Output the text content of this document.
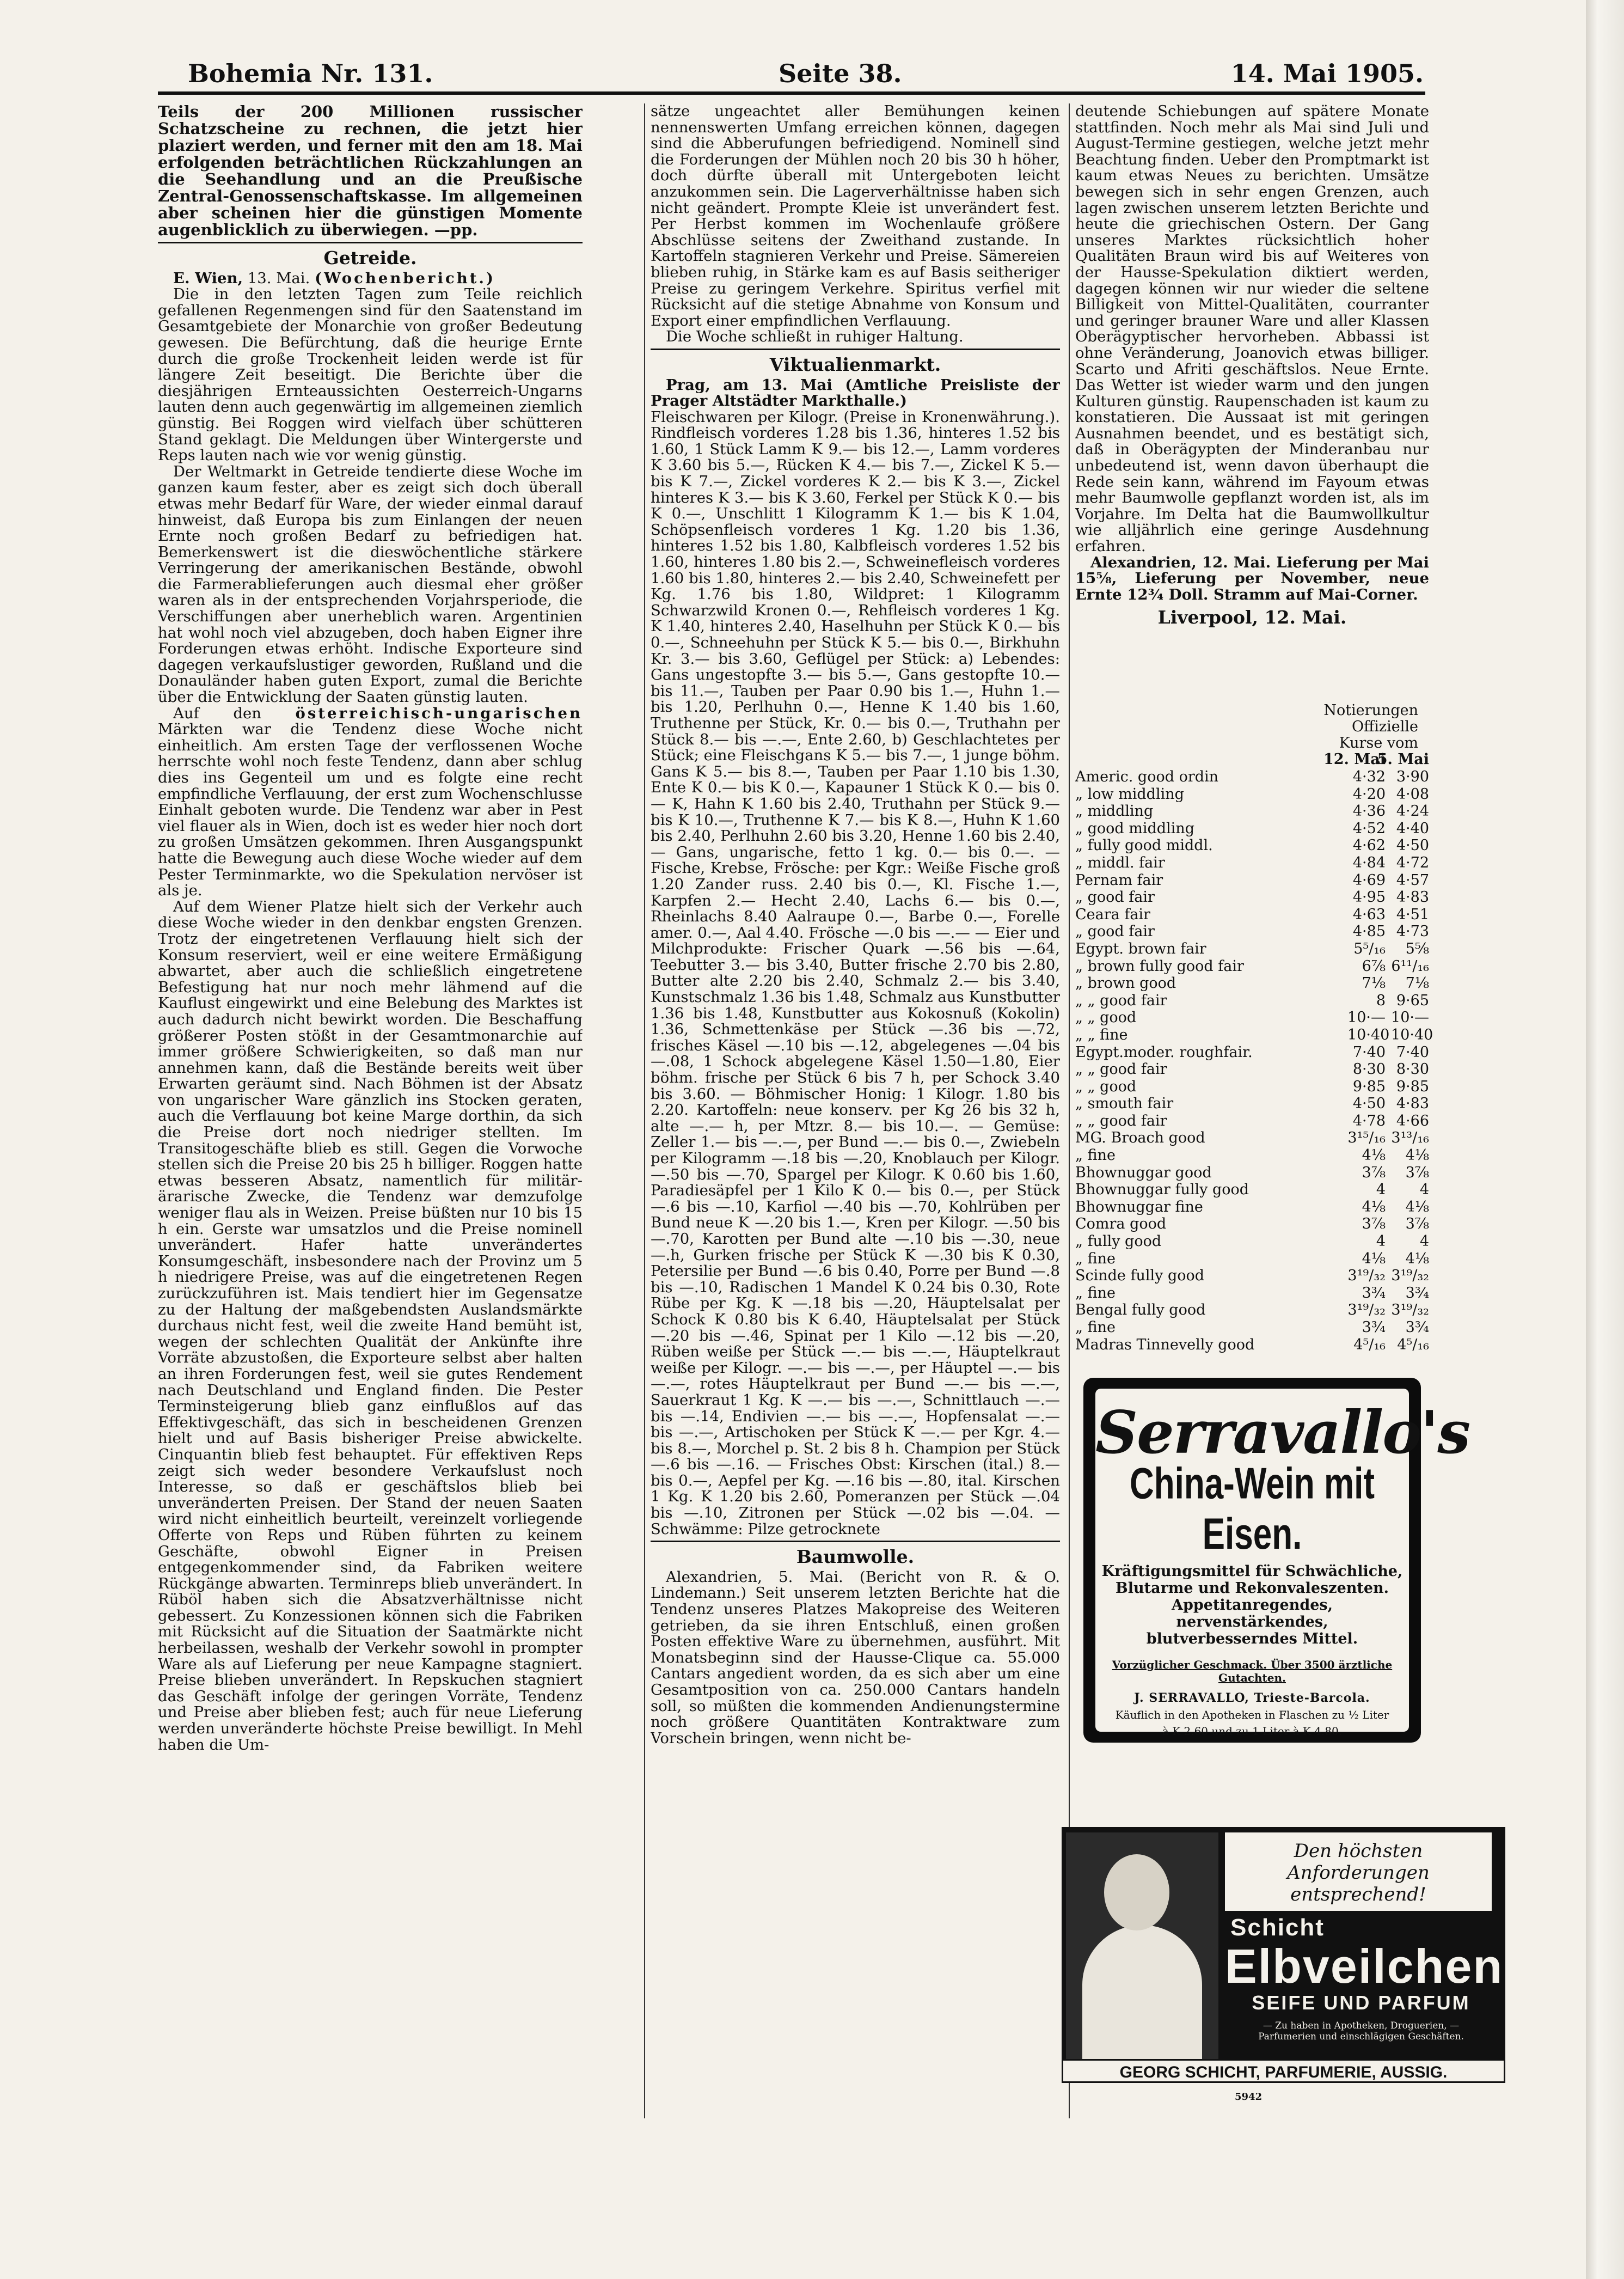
Bohemia Nr. 131.	Seite 38.	14. Mai 1905.

Teils der 200 Millionen russischer Schatzscheine zu rechnen, die jetzt hier plaziert werden, und ferner mit den am 18. Mai erfolgenden beträchtlichen Rückzahlungen an die Seehandlung und an die Preußische Zentral-Genossenschaftskasse. Im allgemeinen aber scheinen hier die günstigen Momente augenblicklich zu überwiegen. —pp.

Getreide.

E. Wien, 13. Mai. (Wochenbericht.)

Die in den letzten Tagen zum Teile reichlich gefallenen Regenmengen sind für den Saatenstand im Gesamtgebiete der Monarchie von großer Bedeutung gewesen. Die Befürchtung, daß die heurige Ernte durch die große Trockenheit leiden werde ist für längere Zeit beseitigt. Die Berichte über die diesjährigen Ernteaussichten Oesterreich-Ungarns lauten denn auch gegenwärtig im allgemeinen ziemlich günstig. Bei Roggen wird vielfach über schütteren Stand geklagt. Die Meldungen über Wintergerste und Reps lauten nach wie vor wenig günstig.

Der Weltmarkt in Getreide tendierte diese Woche im ganzen kaum fester, aber es zeigt sich doch überall etwas mehr Bedarf für Ware, der wieder einmal darauf hinweist, daß Europa bis zum Einlangen der neuen Ernte noch großen Bedarf zu befriedigen hat. Bemerkenswert ist die dieswöchentliche stärkere Verringerung der amerikanischen Bestände, obwohl die Farmerablieferungen auch diesmal eher größer waren als in der entsprechenden Vorjahrsperiode, die Verschiffungen aber unerheblich waren. Argentinien hat wohl noch viel abzugeben, doch haben Eigner ihre Forderungen etwas erhöht. Indische Exporteure sind dagegen verkaufslustiger geworden, Rußland und die Donauländer haben guten Export, zumal die Berichte über die Entwicklung der Saaten günstig lauten.

Auf den österreichisch-ungarischen Märkten war die Tendenz diese Woche nicht einheitlich. Am ersten Tage der verflossenen Woche herrschte wohl noch feste Tendenz, dann aber schlug dies ins Gegenteil um und es folgte eine recht empfindliche Verflauung, der erst zum Wochenschlusse Einhalt geboten wurde. Die Tendenz war aber in Pest viel flauer als in Wien, doch ist es weder hier noch dort zu großen Umsätzen gekommen. Ihren Ausgangspunkt hatte die Bewegung auch diese Woche wieder auf dem Pester Terminmarkte, wo die Spekulation nervöser ist als je.

Auf dem Wiener Platze hielt sich der Verkehr auch diese Woche wieder in den denkbar engsten Grenzen. Trotz der eingetretenen Verflauung hielt sich der Konsum reserviert, weil er eine weitere Ermäßigung abwartet, aber auch die schließlich eingetretene Befestigung hat nur noch mehr lähmend auf die Kauflust eingewirkt und eine Belebung des Marktes ist auch dadurch nicht bewirkt worden. Die Beschaffung größerer Posten stößt in der Gesamtmonarchie auf immer größere Schwierigkeiten, so daß man nur annehmen kann, daß die Bestände bereits weit über Erwarten geräumt sind. Nach Böhmen ist der Absatz von ungarischer Ware gänzlich ins Stocken geraten, auch die Verflauung bot keine Marge dorthin, da sich die Preise dort noch niedriger stellten. Im Transitogeschäfte blieb es still. Gegen die Vorwoche stellen sich die Preise 20 bis 25 h billiger. Roggen hatte etwas besseren Absatz, namentlich für militär-ärarische Zwecke, die Tendenz war demzufolge weniger flau als in Weizen. Preise büßten nur 10 bis 15 h ein. Gerste war umsatzlos und die Preise nominell unverändert. Hafer hatte unverändertes Konsumgeschäft, insbesondere nach der Provinz um 5 h niedrigere Preise, was auf die eingetretenen Regen zurückzuführen ist. Mais tendiert hier im Gegensatze zu der Haltung der maßgebendsten Auslandsmärkte durchaus nicht fest, weil die zweite Hand bemüht ist, wegen der schlechten Qualität der Ankünfte ihre Vorräte abzustoßen, die Exporteure selbst aber halten an ihren Forderungen fest, weil sie gutes Rendement nach Deutschland und England finden. Die Pester Terminsteigerung blieb ganz einflußlos auf das Effektivgeschäft, das sich in bescheidenen Grenzen hielt und auf Basis bisheriger Preise abwickelte. Cinquantin blieb fest behauptet. Für effektiven Reps zeigt sich weder besondere Verkaufslust noch Interesse, so daß er geschäftslos blieb bei unveränderten Preisen. Der Stand der neuen Saaten wird nicht einheitlich beurteilt, vereinzelt vorliegende Offerte von Reps und Rüben führten zu keinem Geschäfte, obwohl Eigner in Preisen entgegenkommender sind, da Fabriken weitere Rückgänge abwarten. Terminreps blieb unverändert. In Rüböl haben sich die Absatzverhältnisse nicht gebessert. Zu Konzessionen können sich die Fabriken mit Rücksicht auf die Situation der Saatmärkte nicht herbeilassen, weshalb der Verkehr sowohl in prompter Ware als auf Lieferung per neue Kampagne stagniert. Preise blieben unverändert. In Repskuchen stagniert das Geschäft infolge der geringen Vorräte, Tendenz und Preise aber blieben fest; auch für neue Lieferung werden unveränderte höchste Preise bewilligt. In Mehl haben die Um-

sätze ungeachtet aller Bemühungen keinen nennenswerten Umfang erreichen können, dagegen sind die Abberufungen befriedigend. Nominell sind die Forderungen der Mühlen noch 20 bis 30 h höher, doch dürfte überall mit Untergeboten leicht anzukommen sein. Die Lagerverhältnisse haben sich nicht geändert. Prompte Kleie ist unverändert fest. Per Herbst kommen im Wochenlaufe größere Abschlüsse seitens der Zweithand zustande. In Kartoffeln stagnieren Verkehr und Preise. Sämereien blieben ruhig, in Stärke kam es auf Basis seitheriger Preise zu geringem Verkehre. Spiritus verfiel mit Rücksicht auf die stetige Abnahme von Konsum und Export einer empfindlichen Verflauung.

Die Woche schließt in ruhiger Haltung.

Viktualienmarkt.

Prag, am 13. Mai (Amtliche Preisliste der Prager Altstädter Markthalle.)

Fleischwaren per Kilogr. (Preise in Kronenwährung.). Rindfleisch vorderes 1.28 bis 1.36, hinteres 1.52 bis 1.60, 1 Stück Lamm K 9.— bis 12.—, Lamm vorderes K 3.60 bis 5.—, Rücken K 4.— bis 7.—, Zickel K 5.— bis K 7.—, Zickel vorderes K 2.— bis K 3.—, Zickel hinteres K 3.— bis K 3.60, Ferkel per Stück K 0.— bis K 0.—, Unschlitt 1 Kilogramm K 1.— bis K 1.04, Schöpsenfleisch vorderes 1 Kg. 1.20 bis 1.36, hinteres 1.52 bis 1.80, Kalbfleisch vorderes 1.52 bis 1.60, hinteres 1.80 bis 2.—, Schweinefleisch vorderes 1.60 bis 1.80, hinteres 2.— bis 2.40, Schweinefett per Kg. 1.76 bis 1.80, Wildpret: 1 Kilogramm Schwarzwild Kronen 0.—, Rehfleisch vorderes 1 Kg. K 1.40, hinteres 2.40, Haselhuhn per Stück K 0.— bis 0.—, Schneehuhn per Stück K 5.— bis 0.—, Birkhuhn Kr. 3.— bis 3.60, Geflügel per Stück: a) Lebendes: Gans ungestopfte 3.— bis 5.—, Gans gestopfte 10.— bis 11.—, Tauben per Paar 0.90 bis 1.—, Huhn 1.— bis 1.20, Perlhuhn 0.—, Henne K 1.40 bis 1.60, Truthenne per Stück, Kr. 0.— bis 0.—, Truthahn per Stück 8.— bis —.—, Ente 2.60, b) Geschlachtetes per Stück; eine Fleischgans K 5.— bis 7.—, 1 junge böhm. Gans K 5.— bis 8.—, Tauben per Paar 1.10 bis 1.30, Ente K 0.— bis K 0.—, Kapauner 1 Stück K 0.— bis 0.— K, Hahn K 1.60 bis 2.40, Truthahn per Stück 9.— bis K 10.—, Truthenne K 7.— bis K 8.—, Huhn K 1.60 bis 2.40, Perlhuhn 2.60 bis 3.20, Henne 1.60 bis 2.40, — Gans, ungarische, fetto 1 kg. 0.— bis 0.—. — Fische, Krebse, Frösche: per Kgr.: Weiße Fische groß 1.20 Zander russ. 2.40 bis 0.—, Kl. Fische 1.—, Karpfen 2.— Hecht 2.40, Lachs 6.— bis 0.—, Rheinlachs 8.40 Aalraupe 0.—, Barbe 0.—, Forelle amer. 0.—, Aal 4.40. Frösche —.0 bis —.— — Eier und Milchprodukte: Frischer Quark —.56 bis —.64, Teebutter 3.— bis 3.40, Butter frische 2.70 bis 2.80, Butter alte 2.20 bis 2.40, Schmalz 2.— bis 3.40, Kunstschmalz 1.36 bis 1.48, Schmalz aus Kunstbutter 1.36 bis 1.48, Kunstbutter aus Kokosnuß (Kokolin) 1.36, Schmettenkäse per Stück —.36 bis —.72, frisches Käsel —.10 bis —.12, abgelegenes —.04 bis —.08, 1 Schock abgelegene Käsel 1.50—1.80, Eier böhm. frische per Stück 6 bis 7 h, per Schock 3.40 bis 3.60. — Böhmischer Honig: 1 Kilogr. 1.80 bis 2.20. Kartoffeln: neue konserv. per Kg 26 bis 32 h, alte —.— h, per Mtzr. 8.— bis 10.—. — Gemüse: Zeller 1.— bis —.—, per Bund —.— bis 0.—, Zwiebeln per Kilogramm —.18 bis —.20, Knoblauch per Kilogr. —.50 bis —.70, Spargel per Kilogr. K 0.60 bis 1.60, Paradiesäpfel per 1 Kilo K 0.— bis 0.—, per Stück —.6 bis —.10, Karfiol —.40 bis —.70, Kohlrüben per Bund neue K —.20 bis 1.—, Kren per Kilogr. —.50 bis —.70, Karotten per Bund alte —.10 bis —.30, neue —.h, Gurken frische per Stück K —.30 bis K 0.30, Petersilie per Bund —.6 bis 0.40, Porre per Bund —.8 bis —.10, Radischen 1 Mandel K 0.24 bis 0.30, Rote Rübe per Kg. K —.18 bis —.20, Häuptelsalat per Schock K 0.80 bis K 6.40, Häuptelsalat per Stück —.20 bis —.46, Spinat per 1 Kilo —.12 bis —.20, Rüben weiße per Stück —.— bis —.—, Häuptelkraut weiße per Kilogr. —.— bis —.—, per Häuptel —.— bis —.—, rotes Häuptelkraut per Bund —.— bis —.—, Sauerkraut 1 Kg. K —.— bis —.—, Schnittlauch —.— bis —.14, Endivien —.— bis —.—, Hopfensalat —.— bis —.—, Artischoken per Stück K —.— per Kgr. 4.— bis 8.—, Morchel p. St. 2 bis 8 h. Champion per Stück —.6 bis —.16. — Frisches Obst: Kirschen (ital.) 8.— bis 0.—, Aepfel per Kg. —.16 bis —.80, ital. Kirschen 1 Kg. K 1.20 bis 2.60, Pomeranzen per Stück —.04 bis —.10, Zitronen per Stück —.02 bis —.04. — Schwämme: Pilze getrocknete

Baumwolle.

Alexandrien, 5. Mai. (Bericht von R. & O. Lindemann.) Seit unserem letzten Berichte hat die Tendenz unseres Platzes Makopreise des Weiteren getrieben, da sie ihren Entschluß, einen großen Posten effektive Ware zu übernehmen, ausführt. Mit Monatsbeginn sind der Hausse-Clique ca. 55.000 Cantars angedient worden, da es sich aber um eine Gesamtposition von ca. 250.000 Cantars handeln soll, so müßten die kommenden Andienungstermine noch größere Quantitäten Kontraktware zum Vorschein bringen, wenn nicht be-

deutende Schiebungen auf spätere Monate stattfinden. Noch mehr als Mai sind Juli und August-Termine gestiegen, welche jetzt mehr Beachtung finden. Ueber den Promptmarkt ist kaum etwas Neues zu berichten. Umsätze bewegen sich in sehr engen Grenzen, auch lagen zwischen unserem letzten Berichte und heute die griechischen Ostern. Der Gang unseres Marktes rücksichtlich hoher Qualitäten Braun wird bis auf Weiteres von der Hausse-Spekulation diktiert werden, dagegen können wir nur wieder die seltene Billigkeit von Mittel-Qualitäten, courranter und geringer brauner Ware und aller Klassen Oberägyptischer hervorheben. Abbassi ist ohne Veränderung, Joanovich etwas billiger. Scarto und Afriti geschäftslos. Neue Ernte. Das Wetter ist wieder warm und den jungen Kulturen günstig. Raupenschaden ist kaum zu konstatieren. Die Aussaat ist mit geringen Ausnahmen beendet, und es bestätigt sich, daß in Oberägypten der Minderanbau nur unbedeutend ist, wenn davon überhaupt die Rede sein kann, während im Fayoum etwas mehr Baumwolle gepflanzt worden ist, als im Vorjahre. Im Delta hat die Baumwollkultur wie alljährlich eine geringe Ausdehnung erfahren.

Alexandrien, 12. Mai. Lieferung per Mai 15⅝, Lieferung per November, neue Ernte 12¾ Doll. Stramm auf Mai-Corner.

Liverpool, 12. Mai.
Notierungen
Offizielle
Kurse vom
12. Mai
5. Mai
Americ. good ordin	4·32 3·90
„ low middling	4·20 4·08
„ middling	4·36 4·24
„ good middling	4·52 4·40
„ fully good middl.	4·62 4·50
„ middl. fair	4·84 4·72
Pernam fair	4·69 4·57
„ good fair	4·95 4·83
Ceara fair	4·63 4·51
„ good fair	4·85 4·73
Egypt. brown fair	5⁵/₁₆	5⅝
„ brown fully good fair	6⅞ 6¹¹/₁₆
„ brown good	7⅛	7⅛
„ „ good fair	8 9·65
„ „ good	10·— 10·—
„ „ fine	10·40 10·40
Egypt.moder. roughfair.	7·40 7·40
„ „ good fair	8·30 8·30
„ „ good	9·85 9·85
„ smouth fair	4·50 4·83
„ „ good fair	4·78 4·66
MG. Broach good	3¹⁵/₁₆ 3¹³/₁₆
„ fine	4⅛	4⅛
Bhownuggar good	3⅞	3⅞
Bhownuggar fully good	4	4
Bhownuggar fine	4⅛	4⅛
Comra good	3⅞	3⅞
„ fully good	4	4
„ fine	4⅛	4⅛
Scinde fully good	3¹⁹/₃₂ 3¹⁹/₃₂
„ fine	3¾	3¾
Bengal fully good	3¹⁹/₃₂ 3¹⁹/₃₂
„ fine	3¾	3¾
Madras Tinnevelly good	4⁵/₁₆ 4⁵/₁₆
Serravallo's
China-Wein mit Eisen.
Kräftigungsmittel für Schwächliche,
Blutarme und Rekonvaleszenten.
Appetitanregendes, nervenstärkendes,
blutverbesserndes Mittel.
Vorzüglicher Geschmack. Über 3500 ärztliche Gutachten.
J. SERRAVALLO, Trieste-Barcola.
Käuflich in den Apotheken in Flaschen zu ½ Liter
à K 2.60 und zu 1 Liter à K 4.80.
Den höchsten Anforderungen
entsprechend!
Schicht
Elbveilchen
SEIFE UND PARFUM
— Zu haben in Apotheken, Droguerien, —
Parfumerien und einschlägigen Geschäften.
GEORG SCHICHT, PARFUMERIE, AUSSIG.
5942
